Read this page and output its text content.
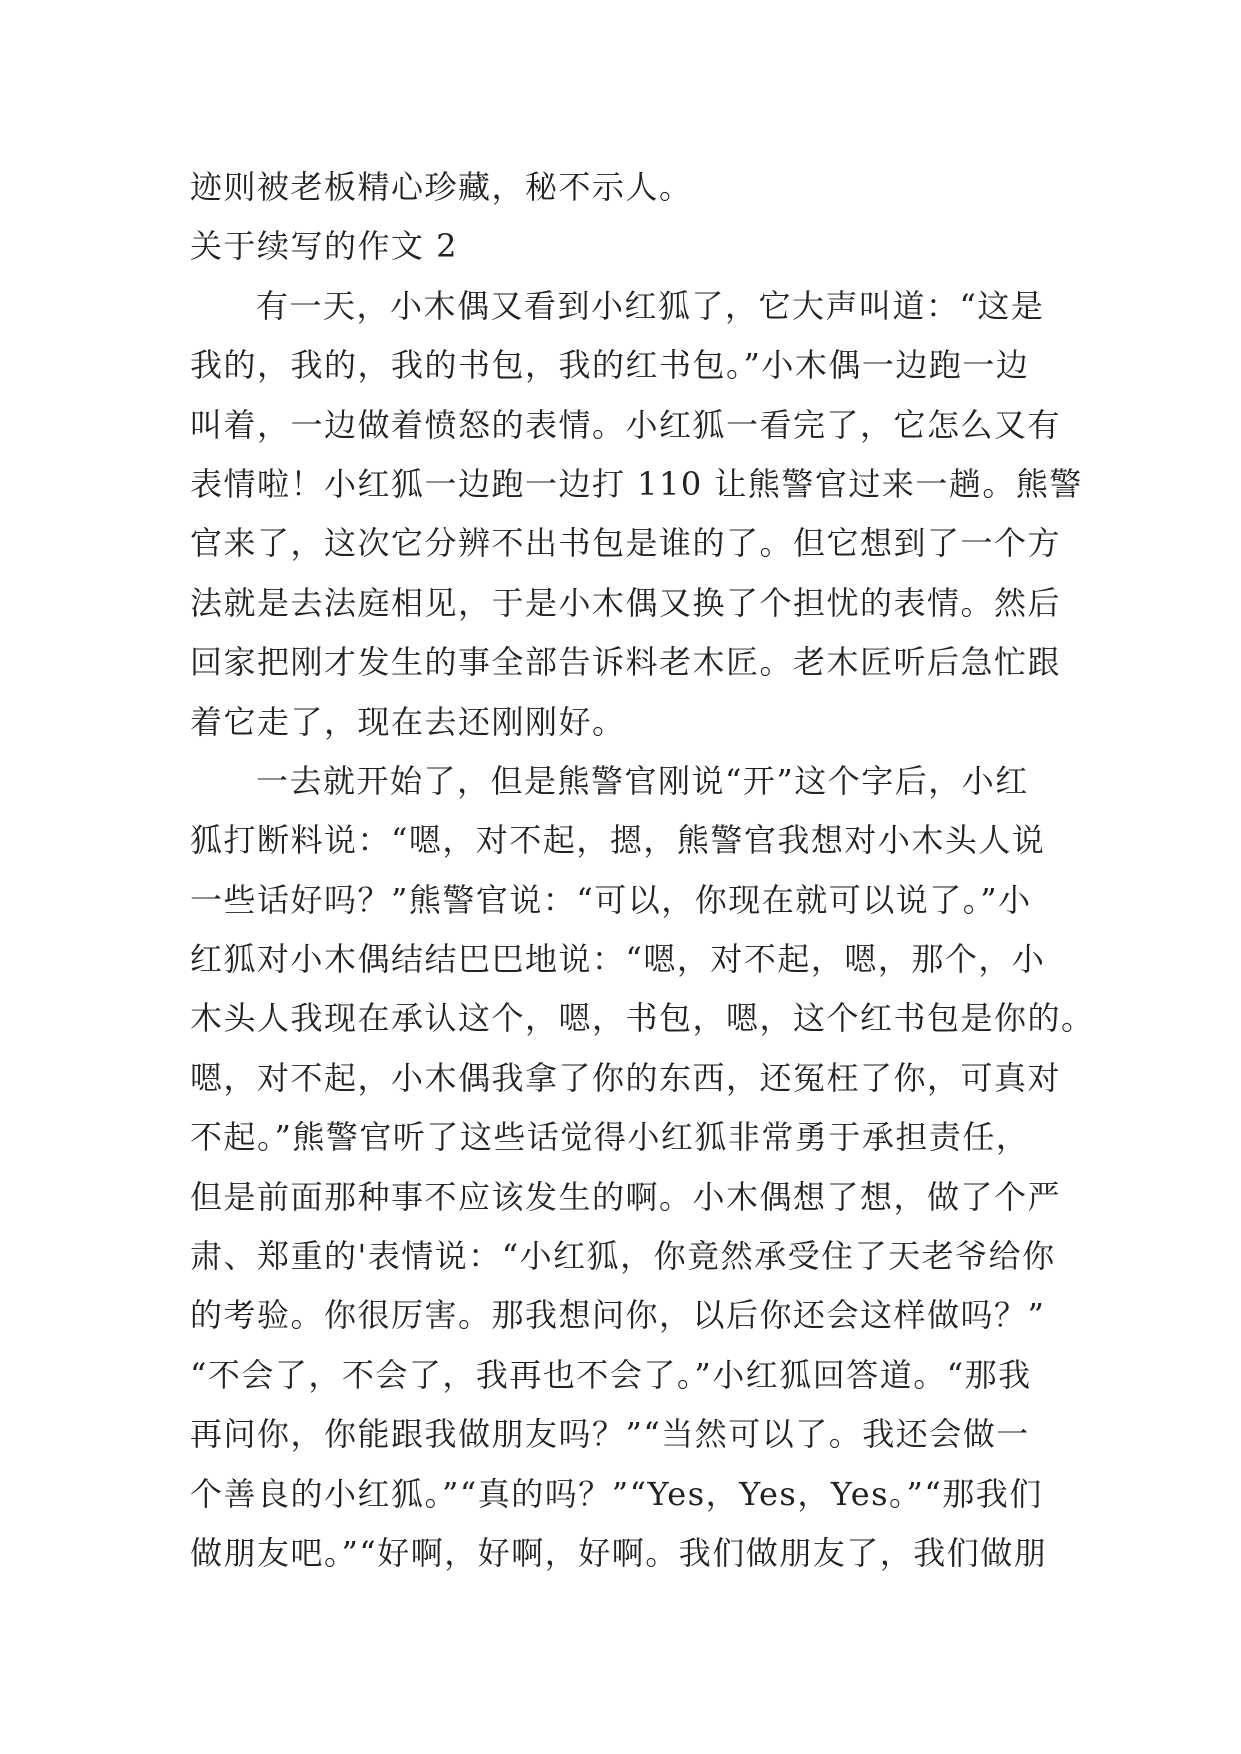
迹则被老板精心珍藏，秘不示人。
关于续写的作文 2
有一天，小木偶又看到小红狐了，它大声叫道：“这是
我的，我的，我的书包，我的红书包。”小木偶一边跑一边
叫着，一边做着愤怒的表情。小红狐一看完了，它怎么又有
表情啦！小红狐一边跑一边打 110 让熊警官过来一趟。熊警
官来了，这次它分辨不出书包是谁的了。但它想到了一个方
法就是去法庭相见，于是小木偶又换了个担忧的表情。然后
回家把刚才发生的事全部告诉料老木匠。老木匠听后急忙跟
着它走了，现在去还刚刚好。
一去就开始了，但是熊警官刚说“开”这个字后，小红
狐打断料说：“嗯，对不起，摁，熊警官我想对小木头人说
一些话好吗？”熊警官说：“可以，你现在就可以说了。”小
红狐对小木偶结结巴巴地说：“嗯，对不起，嗯，那个，小
木头人我现在承认这个，嗯，书包，嗯，这个红书包是你的。
嗯，对不起，小木偶我拿了你的东西，还冤枉了你，可真对
不起。”熊警官听了这些话觉得小红狐非常勇于承担责任，
但是前面那种事不应该发生的啊。小木偶想了想，做了个严
肃、郑重的'表情说：“小红狐，你竟然承受住了天老爷给你
的考验。你很厉害。那我想问你，以后你还会这样做吗？”
“不会了，不会了，我再也不会了。”小红狐回答道。“那我
再问你，你能跟我做朋友吗？”“当然可以了。我还会做一
个善良的小红狐。”“真的吗？”“Yes，Yes，Yes。”“那我们
做朋友吧。”“好啊，好啊，好啊。我们做朋友了，我们做朋
